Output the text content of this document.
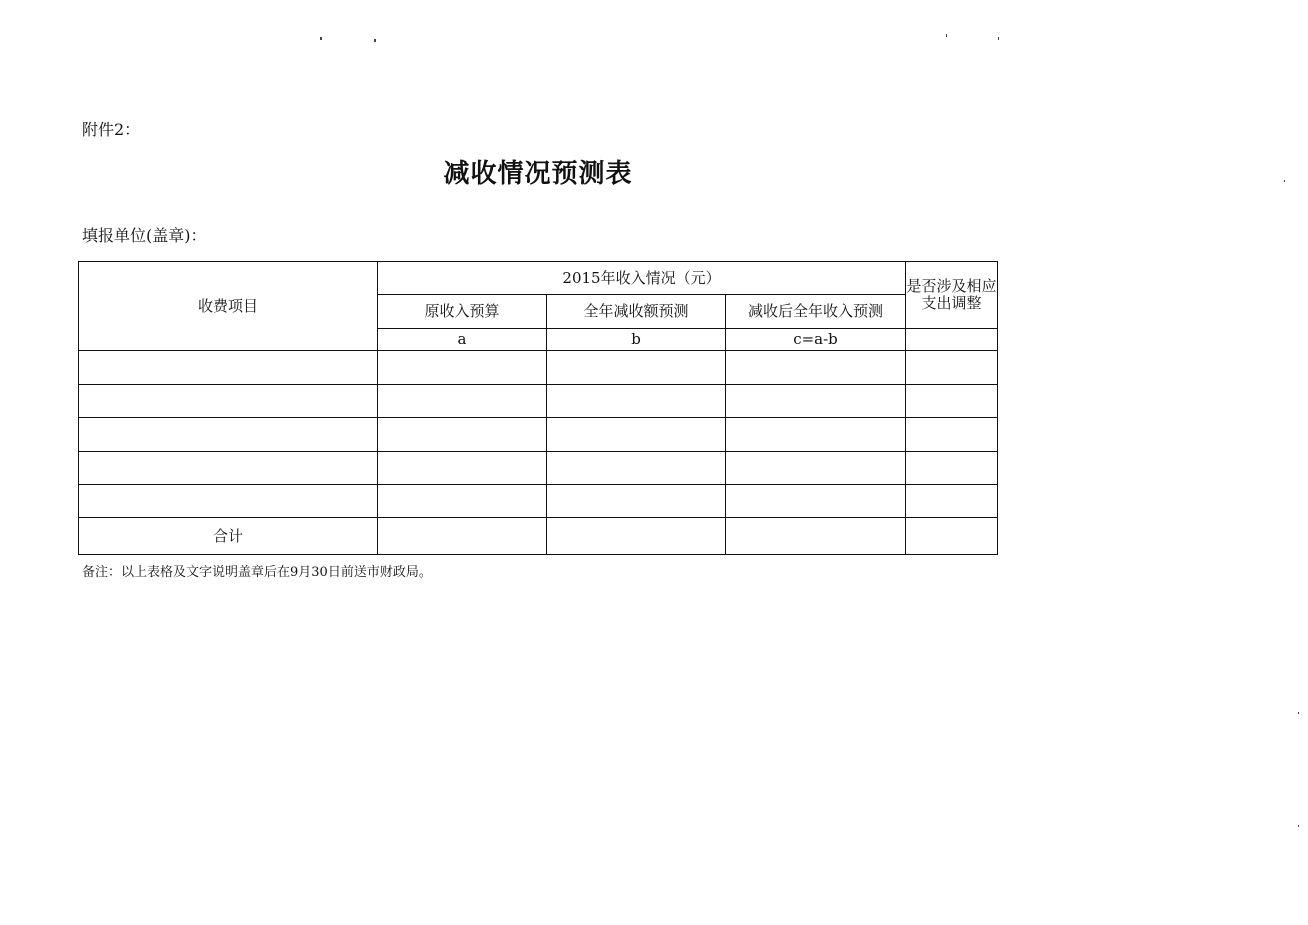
附件2：
减收情况预测表
填报单位(盖章)：
收费项目	2015年收入情况（元）			是否涉及相应支出调整
	原收入预算	全年减收额预测	减收后全年收入预测	
	a	b	c=a-b	

合计				
备注：以上表格及文字说明盖章后在9月30日前送市财政局。
